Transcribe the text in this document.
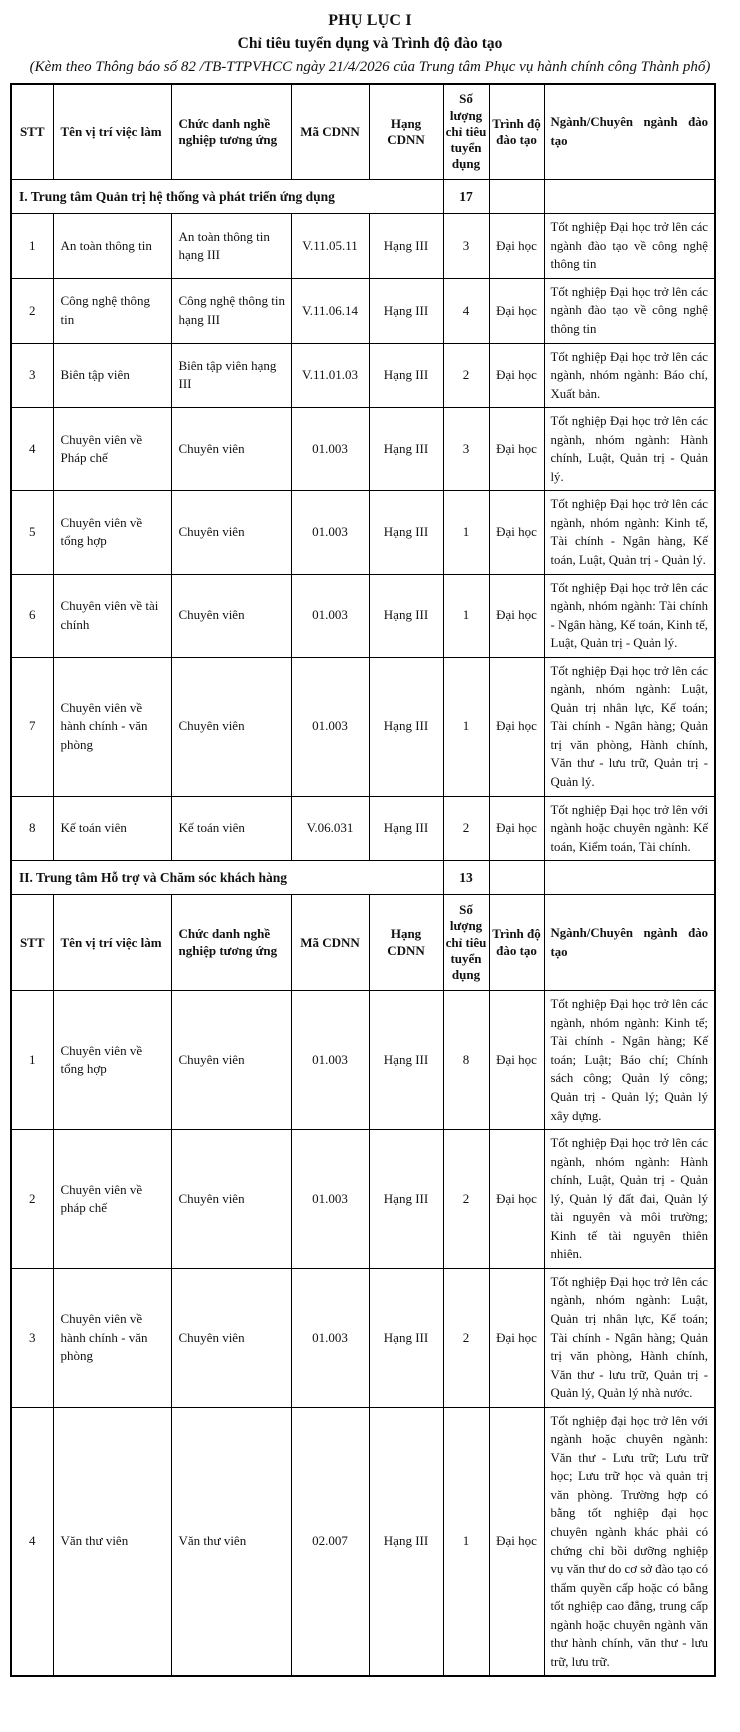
PHỤ LỤC I
Chỉ tiêu tuyển dụng và Trình độ đào tạo
(Kèm theo Thông báo số 82 /TB-TTPVHCC ngày 21/4/2026 của Trung tâm Phục vụ hành chính công Thành phố)
STT	Tên vị trí việc làm	Chức danh nghề nghiệp tương ứng	Mã CDNN	Hạng CDNN	Số lượng chỉ tiêu tuyển dụng	Trình độ đào tạo	Ngành/Chuyên ngành đào tạo
I. Trung tâm Quản trị hệ thống và phát triển ứng dụng					17		
1	An toàn thông tin	An toàn thông tin hạng III	V.11.05.11	Hạng III	3	Đại học	Tốt nghiệp Đại học trở lên các ngành đào tạo về công nghệ thông tin
2	Công nghệ thông tin	Công nghệ thông tin hạng III	V.11.06.14	Hạng III	4	Đại học	Tốt nghiệp Đại học trở lên các ngành đào tạo về công nghệ thông tin
3	Biên tập viên	Biên tập viên hạng III	V.11.01.03	Hạng III	2	Đại học	Tốt nghiệp Đại học trở lên các ngành, nhóm ngành: Báo chí, Xuất bản.
4	Chuyên viên về Pháp chế	Chuyên viên	01.003	Hạng III	3	Đại học	Tốt nghiệp Đại học trở lên các ngành, nhóm ngành: Hành chính, Luật, Quản trị - Quản lý.
5	Chuyên viên về tổng hợp	Chuyên viên	01.003	Hạng III	1	Đại học	Tốt nghiệp Đại học trở lên các ngành, nhóm ngành: Kinh tế, Tài chính - Ngân hàng, Kế toán, Luật, Quản trị - Quản lý.
6	Chuyên viên về tài chính	Chuyên viên	01.003	Hạng III	1	Đại học	Tốt nghiệp Đại học trở lên các ngành, nhóm ngành: Tài chính - Ngân hàng, Kế toán, Kinh tế, Luật, Quản trị - Quản lý.
7	Chuyên viên về hành chính - văn phòng	Chuyên viên	01.003	Hạng III	1	Đại học	Tốt nghiệp Đại học trở lên các ngành, nhóm ngành: Luật, Quản trị nhân lực, Kế toán; Tài chính - Ngân hàng; Quản trị văn phòng, Hành chính, Văn thư - lưu trữ, Quản trị - Quản lý.
8	Kế toán viên	Kế toán viên	V.06.031	Hạng III	2	Đại học	Tốt nghiệp Đại học trở lên với ngành hoặc chuyên ngành: Kế toán, Kiểm toán, Tài chính.
II. Trung tâm Hỗ trợ và Chăm sóc khách hàng					13		
STT	Tên vị trí việc làm	Chức danh nghề nghiệp tương ứng	Mã CDNN	Hạng CDNN	Số lượng chỉ tiêu tuyển dụng	Trình độ đào tạo	Ngành/Chuyên ngành đào tạo
1	Chuyên viên về tổng hợp	Chuyên viên	01.003	Hạng III	8	Đại học	Tốt nghiệp Đại học trở lên các ngành, nhóm ngành: Kinh tế; Tài chính - Ngân hàng; Kế toán; Luật; Báo chí; Chính sách công; Quản lý công; Quản trị - Quản lý; Quản lý xây dựng.
2	Chuyên viên về pháp chế	Chuyên viên	01.003	Hạng III	2	Đại học	Tốt nghiệp Đại học trở lên các ngành, nhóm ngành: Hành chính, Luật, Quản trị - Quản lý, Quản lý đất đai, Quản lý tài nguyên và môi trường; Kinh tế tài nguyên thiên nhiên.
3	Chuyên viên về hành chính - văn phòng	Chuyên viên	01.003	Hạng III	2	Đại học	Tốt nghiệp Đại học trở lên các ngành, nhóm ngành: Luật, Quản trị nhân lực, Kế toán; Tài chính - Ngân hàng; Quản trị văn phòng, Hành chính, Văn thư - lưu trữ, Quản trị - Quản lý, Quản lý nhà nước.
4	Văn thư viên	Văn thư viên	02.007	Hạng III	1	Đại học	Tốt nghiệp đại học trở lên với ngành hoặc chuyên ngành: Văn thư - Lưu trữ; Lưu trữ học; Lưu trữ học và quản trị văn phòng. Trường hợp có bằng tốt nghiệp đại học chuyên ngành khác phải có chứng chỉ bồi dưỡng nghiệp vụ văn thư do cơ sở đào tạo có thẩm quyền cấp hoặc có bằng tốt nghiệp cao đẳng, trung cấp ngành hoặc chuyên ngành văn thư hành chính, văn thư - lưu trữ, lưu trữ.
